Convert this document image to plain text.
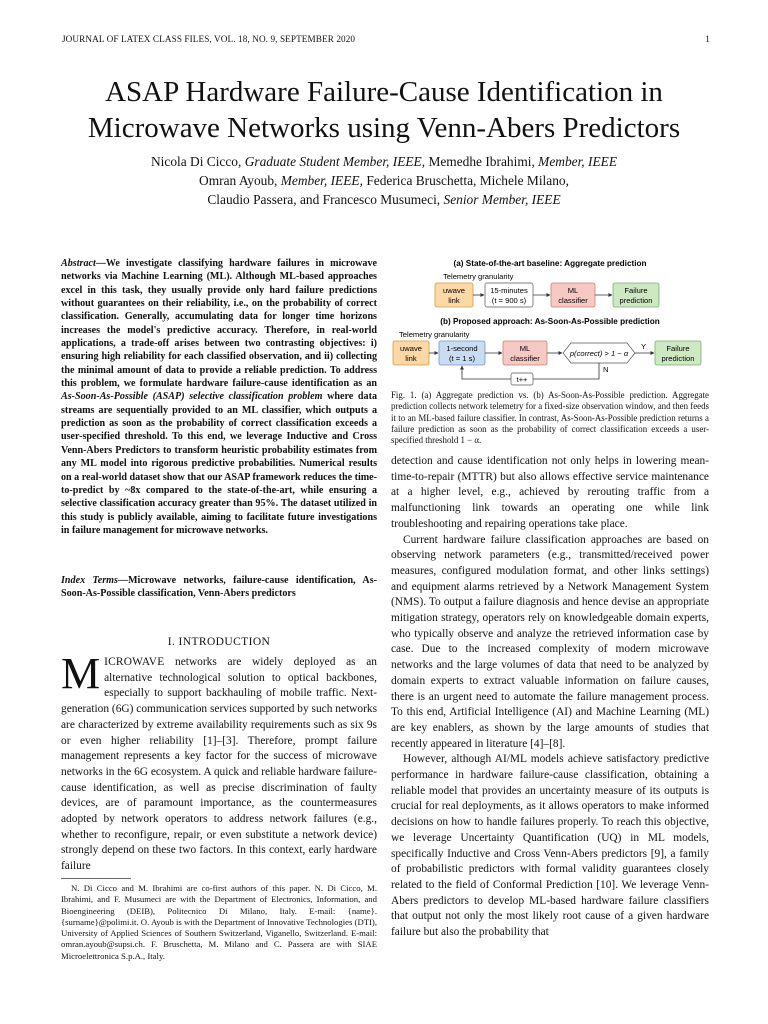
JOURNAL OF LATEX CLASS FILES, VOL. 18, NO. 9, SEPTEMBER 2020	1
ASAP Hardware Failure-Cause Identification in
Microwave Networks using Venn-Abers Predictors
Nicola Di Cicco, Graduate Student Member, IEEE, Memedhe Ibrahimi, Member, IEEE
Omran Ayoub, Member, IEEE, Federica Bruschetta, Michele Milano,
Claudio Passera, and Francesco Musumeci, Senior Member, IEEE
Abstract—We investigate classifying hardware failures in microwave networks via Machine Learning (ML). Although ML-based approaches excel in this task, they usually provide only hard failure predictions without guarantees on their reliability, i.e., on the probability of correct classification. Generally, accumulating data for longer time horizons increases the model's predictive accuracy. Therefore, in real-world applications, a trade-off arises between two contrasting objectives: i) ensuring high reliability for each classified observation, and ii) collecting the minimal amount of data to provide a reliable prediction. To address this problem, we formulate hardware failure-cause identification as an As-Soon-As-Possible (ASAP) selective classification problem where data streams are sequentially provided to an ML classifier, which outputs a prediction as soon as the probability of correct classification exceeds a user-specified threshold. To this end, we leverage Inductive and Cross Venn-Abers Predictors to transform heuristic probability estimates from any ML model into rigorous predictive probabilities. Numerical results on a real-world dataset show that our ASAP framework reduces the time-to-predict by ~8x compared to the state-of-the-art, while ensuring a selective classification accuracy greater than 95%. The dataset utilized in this study is publicly available, aiming to facilitate future investigations in failure management for microwave networks.
Index Terms—Microwave networks, failure-cause identification, As-Soon-As-Possible classification, Venn-Abers predictors
I. INTRODUCTION
MICROWAVE networks are widely deployed as an alternative technological solution to optical backbones, especially to support backhauling of mobile traffic. Next-generation (6G) communication services supported by such networks are characterized by extreme availability requirements such as six 9s or even higher reliability [1]–[3]. Therefore, prompt failure management represents a key factor for the success of microwave networks in the 6G ecosystem. A quick and reliable hardware failure-cause identification, as well as precise discrimination of faulty devices, are of paramount importance, as the countermeasures adopted by network operators to address network failures (e.g., whether to reconfigure, repair, or even substitute a network device) strongly depend on these two factors. In this context, early hardware failure

N. Di Cicco and M. Ibrahimi are co-first authors of this paper. N. Di Cicco, M. Ibrahimi, and F. Musumeci are with the Department of Electronics, Information, and Bioengineering (DEIB), Politecnico Di Milano, Italy. E-mail: {name}.{surname}@polimi.it. O. Ayoub is with the Department of Innovative Technologies (DTI), University of Applied Sciences of Southern Switzerland, Viganello, Switzerland. E-mail: omran.ayoub@supsi.ch. F. Bruschetta, M. Milano and C. Passera are with SIAE Microelettronica S.p.A., Italy.

(a) State-of-the-art baseline: Aggregate prediction
Telemetry granularity
uwave
link
15-minutes
(t = 900 s)
ML
classifier
Failure
prediction
(b) Proposed approach: As-Soon-As-Possible prediction
Telemetry granularity
uwave
link
1-second
(t = 1 s)
ML
classifier
p(correct) > 1 − α
Failure
prediction
Y
N
t++
Fig. 1. (a) Aggregate prediction vs. (b) As-Soon-As-Possible prediction. Aggregate prediction collects network telemetry for a fixed-size observation window, and then feeds it to an ML-based failure classifier. In contrast, As-Soon-As-Possible prediction returns a failure prediction as soon as the probability of correct classification exceeds a user-specified threshold 1 − α.

detection and cause identification not only helps in lowering mean-time-to-repair (MTTR) but also allows effective service maintenance at a higher level, e.g., achieved by rerouting traffic from a malfunctioning link towards an operating one while link troubleshooting and repairing operations take place.

Current hardware failure classification approaches are based on observing network parameters (e.g., transmitted/received power measures, configured modulation format, and other links settings) and equipment alarms retrieved by a Network Management System (NMS). To output a failure diagnosis and hence devise an appropriate mitigation strategy, operators rely on knowledgeable domain experts, who typically observe and analyze the retrieved information case by case. Due to the increased complexity of modern microwave networks and the large volumes of data that need to be analyzed by domain experts to extract valuable information on failure causes, there is an urgent need to automate the failure management process. To this end, Artificial Intelligence (AI) and Machine Learning (ML) are key enablers, as shown by the large amounts of studies that recently appeared in literature [4]–[8].

However, although AI/ML models achieve satisfactory predictive performance in hardware failure-cause classification, obtaining a reliable model that provides an uncertainty measure of its outputs is crucial for real deployments, as it allows operators to make informed decisions on how to handle failures properly. To reach this objective, we leverage Uncertainty Quantification (UQ) in ML models, specifically Inductive and Cross Venn-Abers predictors [9], a family of probabilistic predictors with formal validity guarantees closely related to the field of Conformal Prediction [10]. We leverage Venn-Abers predictors to develop ML-based hardware failure classifiers that output not only the most likely root cause of a given hardware failure but also the probability that
